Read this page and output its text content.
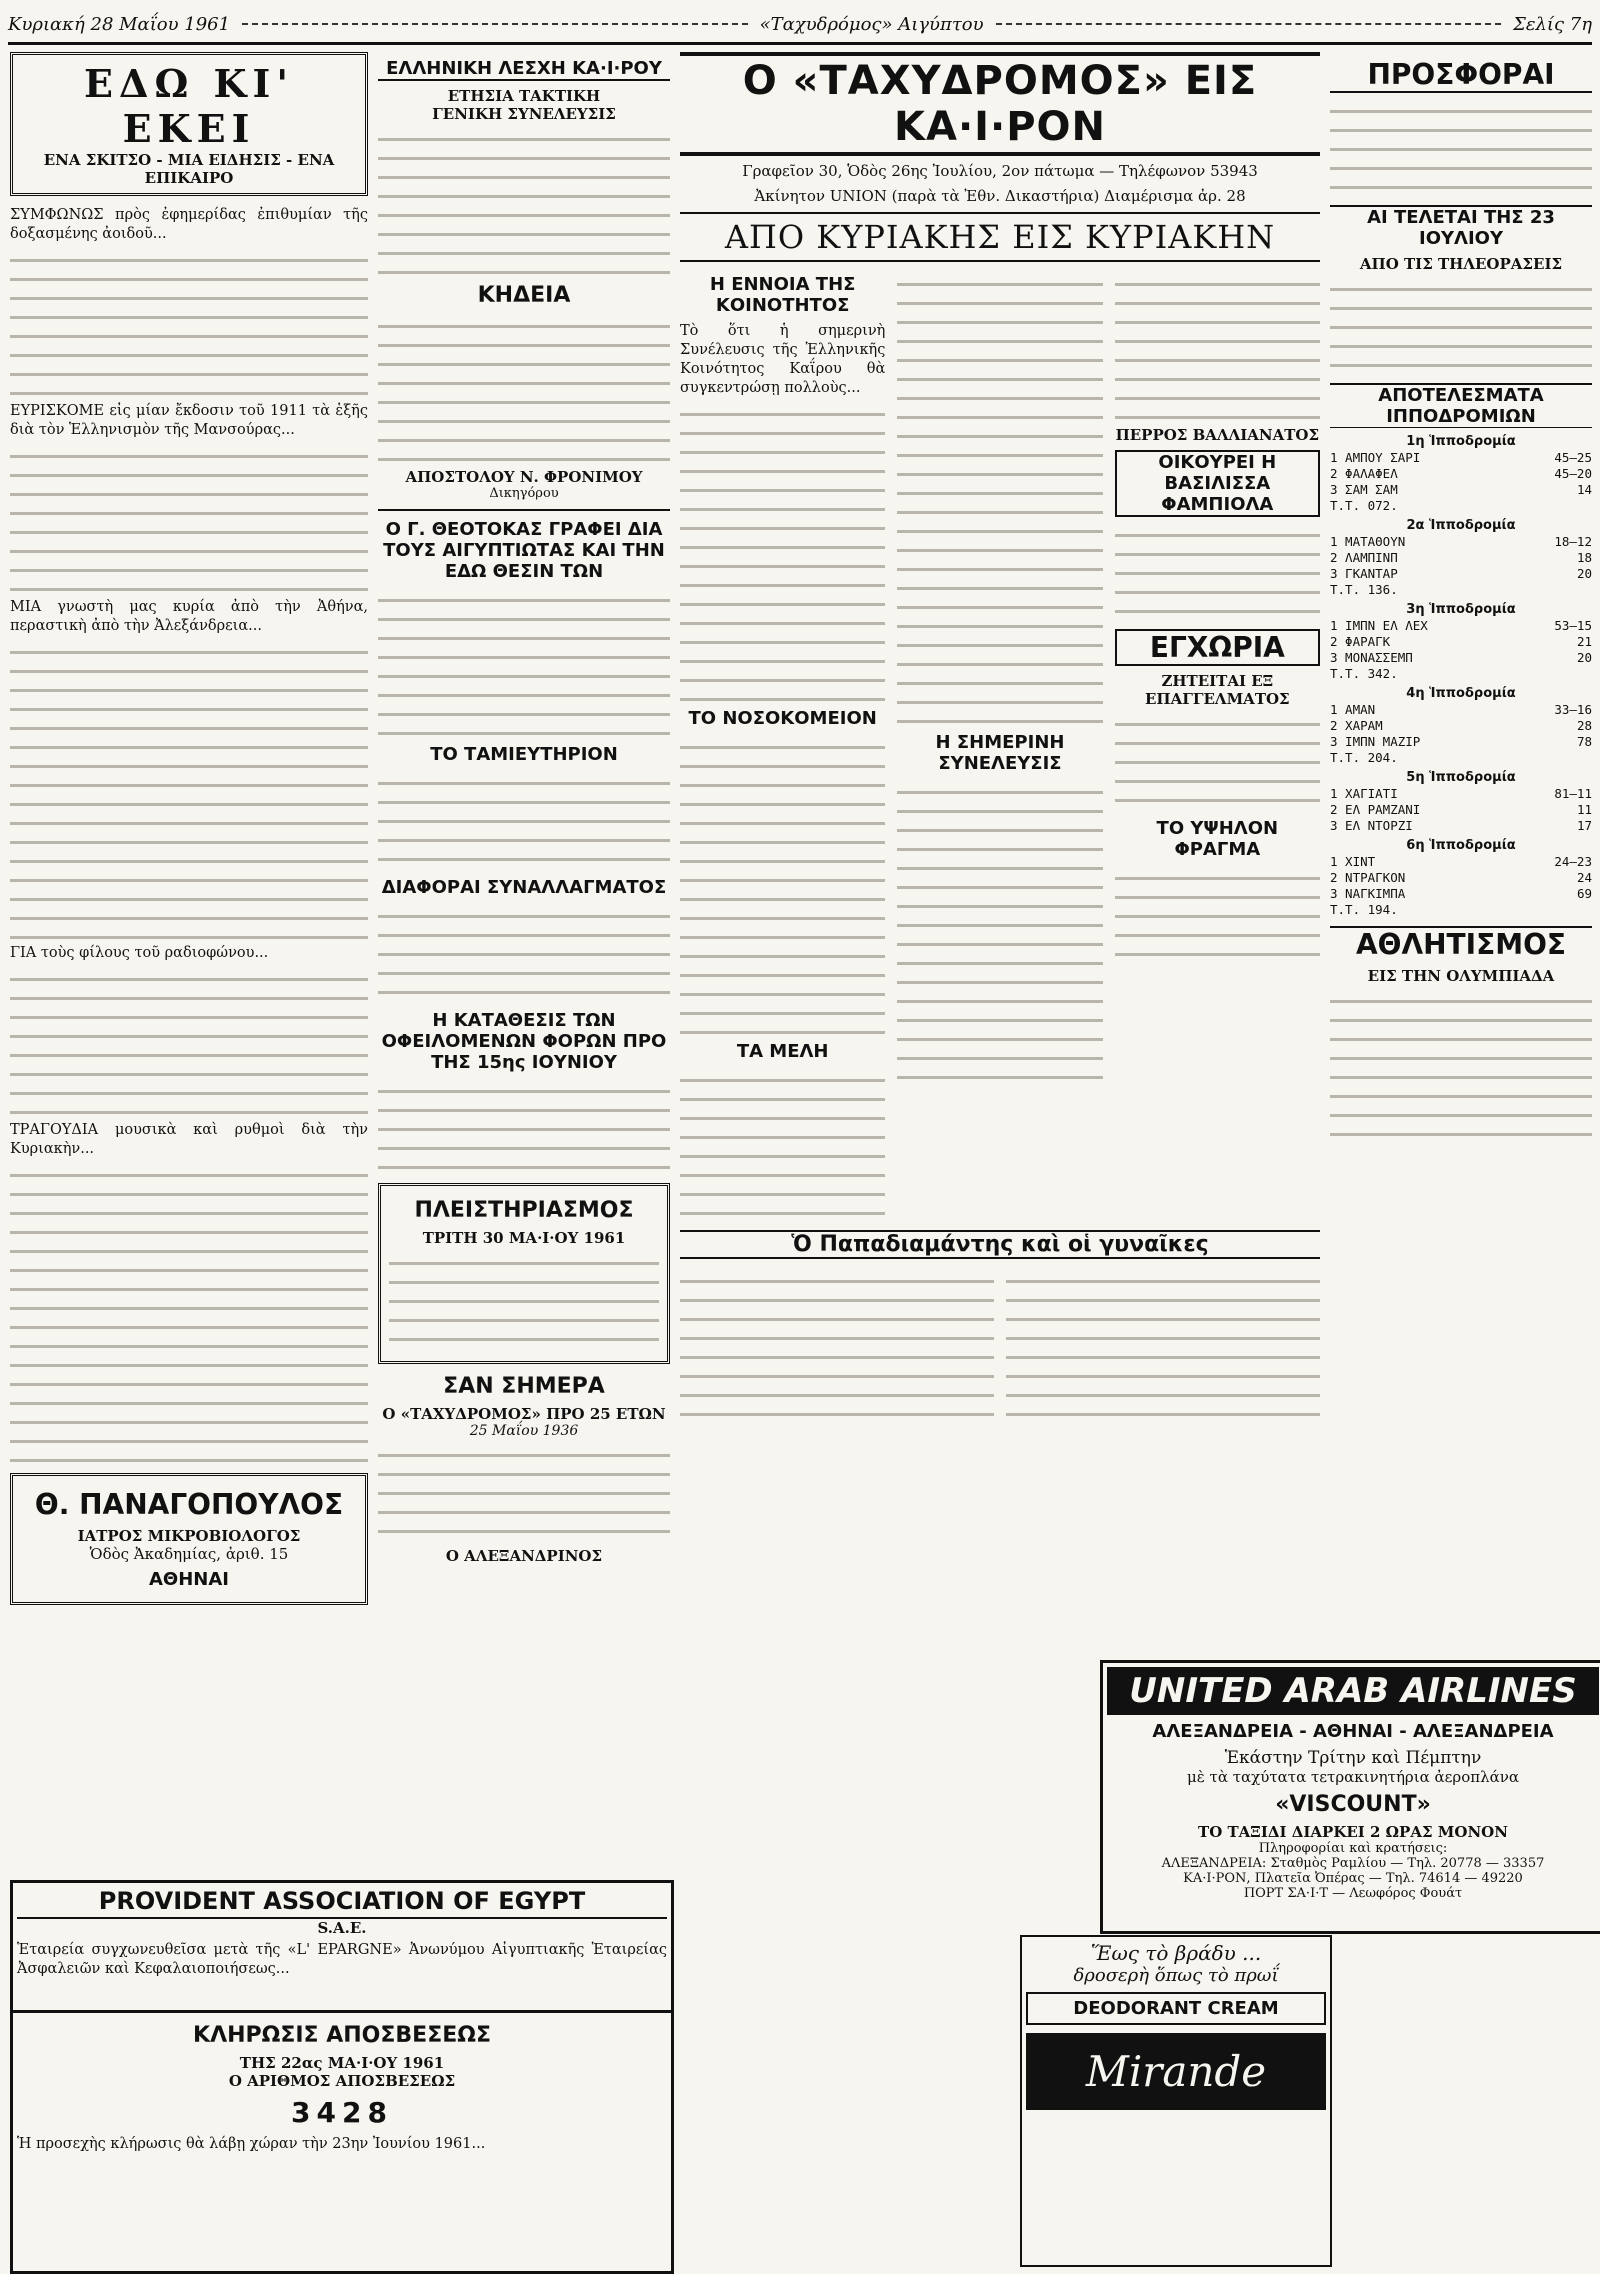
Κυριακή 28 Μαΐου 1961	«Ταχυδρόμος» Αιγύπτου	Σελίς 7η
ΕΔΩ ΚΙ' ΕΚΕΙ
ΕΝΑ ΣΚΙΤΣΟ - ΜΙΑ ΕΙΔΗΣΙΣ - ΕΝΑ ΕΠΙΚΑΙΡΟ

ΣΥΜΦΩΝΩΣ πρὸς ἐφημερίδας ἐπιθυμίαν τῆς δοξασμένης ἀοιδοῦ...

ΕΥΡΙΣΚΟΜΕ εἰς μίαν ἔκδοσιν τοῦ 1911 τὰ ἑξῆς διὰ τὸν Ἑλληνισμὸν τῆς Μανσούρας...

ΜΙΑ γνωστὴ μας κυρία ἀπὸ τὴν Ἀθήνα, περαστικὴ ἀπὸ τὴν Ἀλεξάνδρεια...

ΓΙΑ τοὺς φίλους τοῦ ραδιοφώνου...

ΤΡΑΓΟΥΔΙΑ μουσικὰ καὶ ρυθμοὶ διὰ τὴν Κυριακὴν...

Θ. ΠΑΝΑΓΟΠΟΥΛΟΣ
ΙΑΤΡΟΣ ΜΙΚΡΟΒΙΟΛΟΓΟΣ
Ὁδὸς Ἀκαδημίας, ἀριθ. 15
ΑΘΗΝΑΙ
ΕΛΛΗΝΙΚΗ ΛΕΣΧΗ ΚΑ·Ι·ΡΟΥ
ΕΤΗΣΙΑ ΤΑΚΤΙΚΗ
ΓΕΝΙΚΗ ΣΥΝΕΛΕΥΣΙΣ
ΚΗΔΕΙΑ
ΑΠΟΣΤΟΛΟΥ Ν. ΦΡΟΝΙΜΟΥ
Δικηγόρου
Ο Γ. ΘΕΟΤΟΚΑΣ ΓΡΑΦΕΙ ΔΙΑ ΤΟΥΣ ΑΙΓΥΠΤΙΩΤΑΣ ΚΑΙ ΤΗΝ ΕΔΩ ΘΕΣΙΝ ΤΩΝ
ΤΟ ΤΑΜΙΕΥΤΗΡΙΟΝ
ΔΙΑΦΟΡΑΙ ΣΥΝΑΛΛΑΓΜΑΤΟΣ
Η ΚΑΤΑΘΕΣΙΣ ΤΩΝ ΟΦΕΙΛΟΜΕΝΩΝ ΦΟΡΩΝ ΠΡΟ ΤΗΣ 15ης ΙΟΥΝΙΟΥ
ΠΛΕΙΣΤΗΡΙΑΣΜΟΣ
ΤΡΙΤΗ 30 ΜΑ·Ι·ΟΥ 1961
ΣΑΝ ΣΗΜΕΡΑ
Ο «ΤΑΧΥΔΡΟΜΟΣ» ΠΡΟ 25 ΕΤΩΝ
25 Μαΐου 1936
Ο ΑΛΕΞΑΝΔΡΙΝΟΣ
Ο «ΤΑΧΥΔΡΟΜΟΣ» ΕΙΣ ΚΑ·Ι·ΡΟΝ
Γραφεῖον 30, Ὁδὸς 26ης Ἰουλίου, 2ον πάτωμα — Τηλέφωνον 53943
Ἀκίνητον UNION (παρὰ τὰ Ἐθν. Δικαστήρια) Διαμέρισμα ἀρ. 28
ΑΠΟ ΚΥΡΙΑΚΗΣ ΕΙΣ ΚΥΡΙΑΚΗΝ
Η ΕΝΝΟΙΑ ΤΗΣ ΚΟΙΝΟΤΗΤΟΣ

Τὸ ὅτι ἡ σημερινὴ Συνέλευσις τῆς Ἑλληνικῆς Κοινότητος Καΐρου θὰ συγκεντρώσῃ πολλοὺς...

ΤΟ ΝΟΣΟΚΟΜΕΙΟΝ
ΤΑ ΜΕΛΗ
Η ΣΗΜΕΡΙΝΗ ΣΥΝΕΛΕΥΣΙΣ
ΠΕΡΡΟΣ ΒΑΛΛΙΑΝΑΤΟΣ
ΟΙΚΟΥΡΕΙ Η ΒΑΣΙΛΙΣΣΑ ΦΑΜΠΙΟΛΑ
ΕΓΧΩΡΙΑ
ΖΗΤΕΙΤΑΙ ΕΞ ΕΠΑΓΓΕΛΜΑΤΟΣ
ΤΟ ΥΨΗΛΟΝ ΦΡΑΓΜΑ
Ὁ Παπαδιαμάντης καὶ οἱ γυναῖκες
ΠΡΟΣΦΟΡΑΙ
ΑΙ ΤΕΛΕΤΑΙ ΤΗΣ 23 ΙΟΥΛΙΟΥ
ΑΠΟ ΤΙΣ ΤΗΛΕΟΡΑΣΕΙΣ
ΑΠΟΤΕΛΕΣΜΑΤΑ ΙΠΠΟΔΡΟΜΙΩΝ
1η Ἱπποδρομία
1 ΑΜΠΟΥ ΣΑΡΙ	45—25
2 ΦΑΛΑΦΕΛ	45—20
3 ΣΑΜ ΣΑΜ	14
Τ.Τ. 072.
2α Ἱπποδρομία
1 ΜΑΤΑΘΟΥΝ	18—12
2 ΛΑΜΠΙΝΠ	18
3 ΓΚΑΝΤΑΡ	20
Τ.Τ. 136.
3η Ἱπποδρομία
1 ΙΜΠΝ ΕΛ ΛΕΧ	53—15
2 ΦΑΡΑΓΚ	21
3 ΜΟΝΑΣΣΕΜΠ	20
Τ.Τ. 342.
4η Ἱπποδρομία
1 ΑΜΑΝ	33—16
2 ΧΑΡΑΜ	28
3 ΙΜΠΝ ΜΑΖΙΡ	78
Τ.Τ. 204.
5η Ἱπποδρομία
1 ΧΑΓΙΑΤΙ	81—11
2 ΕΛ ΡΑΜΖΑΝΙ	11
3 ΕΛ ΝΤΟΡΖΙ	17
6η Ἱπποδρομία
1 ΧΙΝΤ	24—23
2 ΝΤΡΑΓΚΟΝ	24
3 ΝΑΓΚΙΜΠΑ	69
Τ.Τ. 194.
ΑΘΛΗΤΙΣΜΟΣ
ΕΙΣ ΤΗΝ ΟΛΥΜΠΙΑΔΑ
PROVIDENT ASSOCIATION OF EGYPT
S.A.E.

Ἑταιρεία συγχωνευθεῖσα μετὰ τῆς «L' EPARGNE» Ἀνωνύμου Αἰγυπτιακῆς Ἑταιρείας Ἀσφαλειῶν καὶ Κεφαλαιοποιήσεως...

ΚΛΗΡΩΣΙΣ ΑΠΟΣΒΕΣΕΩΣ
ΤΗΣ 22ας ΜΑ·Ι·ΟΥ 1961
Ο ΑΡΙΘΜΟΣ ΑΠΟΣΒΕΣΕΩΣ
3428

Ἡ προσεχὴς κλήρωσις θὰ λάβῃ χώραν τὴν 23ην Ἰουνίου 1961...

UNITED ARAB AIRLINES
ΑΛΕΞΑΝΔΡΕΙΑ - ΑΘΗΝΑΙ - ΑΛΕΞΑΝΔΡΕΙΑ
Ἑκάστην Τρίτην καὶ Πέμπτην
μὲ τὰ ταχύτατα τετρακινητήρια ἀεροπλάνα
«VISCOUNT»
ΤΟ ΤΑΞΙΔΙ ΔΙΑΡΚΕΙ 2 ΩΡΑΣ ΜΟΝΟΝ
Πληροφορίαι καὶ κρατήσεις:
ΑΛΕΞΑΝΔΡΕΙΑ: Σταθμὸς Ραμλίου — Τηλ. 20778 — 33357
ΚΑ·Ι·ΡΟΝ, Πλατεῖα Ὀπέρας — Τηλ. 74614 — 49220
ΠΟΡΤ ΣΑ·Ι·Τ — Λεωφόρος Φουάτ
Ἕως τὸ βράδυ ...
δροσερὴ ὅπως τὸ πρωΐ
DEODORANT CREAM
Mirande
